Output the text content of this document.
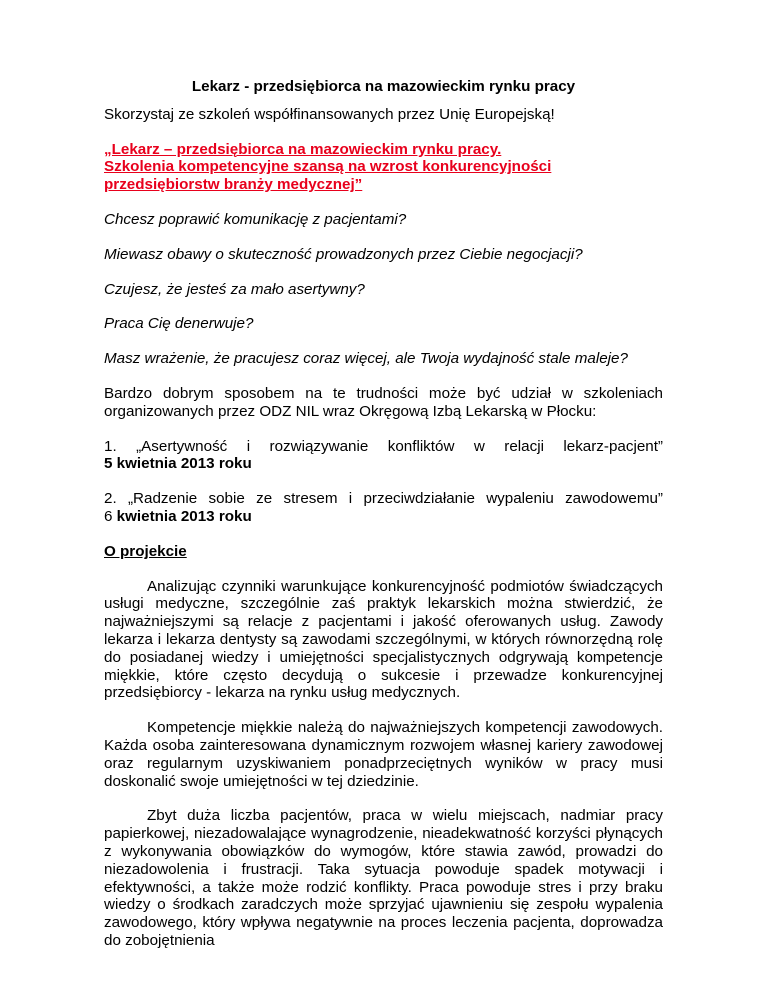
Lekarz - przedsiębiorca na mazowieckim rynku pracy

Skorzystaj ze szkoleń współfinansowanych przez Unię Europejską!

„Lekarz – przedsiębiorca na mazowieckim rynku pracy.

Szkolenia kompetencyjne szansą na wzrost konkurencyjności przedsiębiorstw branży medycznej”

Chcesz poprawić komunikację z pacjentami?

Miewasz obawy o skuteczność prowadzonych przez Ciebie negocjacji?

Czujesz, że jesteś za mało asertywny?

Praca Cię denerwuje?

Masz wrażenie, że pracujesz coraz więcej, ale Twoja wydajność stale maleje?

Bardzo dobrym sposobem na te trudności może być udział w szkoleniach organizowanych przez ODZ NIL wraz Okręgową Izbą Lekarską w Płocku:

1. „Asertywność i rozwiązywanie konfliktów w relacji lekarz-pacjent”

5 kwietnia 2013 roku

2. „Radzenie sobie ze stresem i przeciwdziałanie wypaleniu zawodowemu”

6 kwietnia 2013 roku

O projekcie

Analizując czynniki warunkujące konkurencyjność podmiotów świadczących usługi medyczne, szczególnie zaś praktyk lekarskich można stwierdzić, że najważniejszymi są relacje z pacjentami i jakość oferowanych usług. Zawody lekarza i lekarza dentysty są zawodami szczególnymi, w których równorzędną rolę do posiadanej wiedzy i umiejętności specjalistycznych odgrywają kompetencje miękkie, które często decydują o sukcesie i przewadze konkurencyjnej przedsiębiorcy - lekarza na rynku usług medycznych.

Kompetencje miękkie należą do najważniejszych kompetencji zawodowych. Każda osoba zainteresowana dynamicznym rozwojem własnej kariery zawodowej oraz regularnym uzyskiwaniem ponadprzeciętnych wyników w pracy musi doskonalić swoje umiejętności w tej dziedzinie.

Zbyt duża liczba pacjentów, praca w wielu miejscach, nadmiar pracy papierkowej, niezadowalające wynagrodzenie, nieadekwatność korzyści płynących z wykonywania obowiązków do wymogów, które stawia zawód, prowadzi do niezadowolenia i frustracji. Taka sytuacja powoduje spadek motywacji i efektywności, a także może rodzić konflikty. Praca powoduje stres i przy braku wiedzy o środkach zaradczych może sprzyjać ujawnieniu się zespołu wypalenia zawodowego, który wpływa negatywnie na proces leczenia pacjenta, doprowadza do zobojętnienia
